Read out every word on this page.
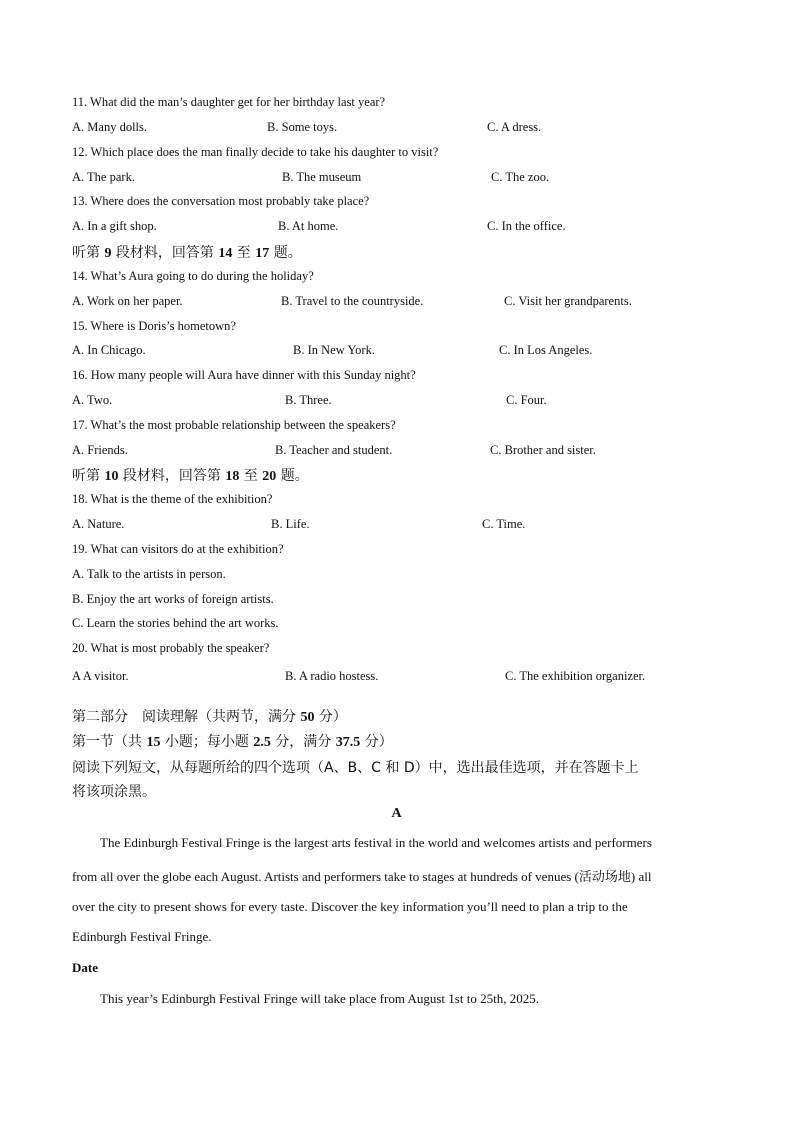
11. What did the man’s daughter get for her birthday last year?
A. Many dolls.	B. Some toys.	C. A dress.
12. Which place does the man finally decide to take his daughter to visit?
A. The park.	B. The museum	C. The zoo.
13. Where does the conversation most probably take place?
A. In a gift shop.	B. At home.	C. In the office.
听第 9 段材料，回答第 14 至 17 题。
14. What’s Aura going to do during the holiday?
A. Work on her paper.	B. Travel to the countryside.	C. Visit her grandparents.
15. Where is Doris’s hometown?
A. In Chicago.	B. In New York.	C. In Los Angeles.
16. How many people will Aura have dinner with this Sunday night?
A. Two.	B. Three.	C. Four.
17. What’s the most probable relationship between the speakers?
A. Friends.	B. Teacher and student.	C. Brother and sister.
听第 10 段材料，回答第 18 至 20 题。
18. What is the theme of the exhibition?
A. Nature.	B. Life.	C. Time.
19. What can visitors do at the exhibition?
A. Talk to the artists in person.
B. Enjoy the art works of foreign artists.
C. Learn the stories behind the art works.
20. What is most probably the speaker?
A A visitor.	B. A radio hostess.	C. The exhibition organizer.
第二部分　阅读理解（共两节，满分 50 分）
第一节（共 15 小题；每小题 2.5 分，满分 37.5 分）
阅读下列短文，从每题所给的四个选项（A、B、C 和 D）中，选出最佳选项，并在答题卡上
将该项涂黑。
A
The Edinburgh Festival Fringe is the largest arts festival in the world and welcomes artists and performers
from all over the globe each August. Artists and performers take to stages at hundreds of venues (活动场地) all
over the city to present shows for every taste. Discover the key information you’ll need to plan a trip to the
Edinburgh Festival Fringe.
Date
This year’s Edinburgh Festival Fringe will take place from August 1st to 25th, 2025.
